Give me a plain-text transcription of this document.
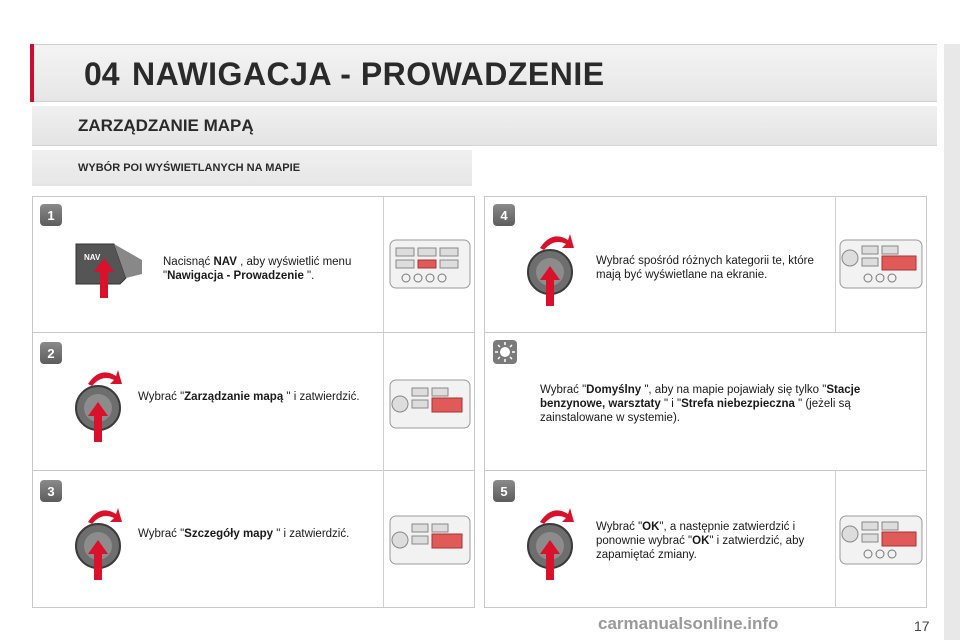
04 NAWIGACJA - PROWADZENIE
ZARZĄDZANIE MAPĄ
WYBÓR POI WYŚWIETLANYCH NA MAPIE
1
NAV	Nacisnąć NAV , aby wyświetlić menu "Nawigacja - Prowadzenie ".
2
Wybrać "Zarządzanie mapą " i zatwierdzić.
3
Wybrać "Szczegóły mapy " i zatwierdzić.
4
Wybrać spośród różnych kategorii te, które mają być wyświetlane na ekranie.
Wybrać "Domyślny ", aby na mapie pojawiały się tylko "Stacje benzynowe, warsztaty " i "Strefa niebezpieczna " (jeżeli są zainstalowane w systemie).
5
Wybrać "OK", a następnie zatwierdzić i ponownie wybrać "OK" i zatwierdzić, aby zapamiętać zmiany.
carmanualsonline.info	17
